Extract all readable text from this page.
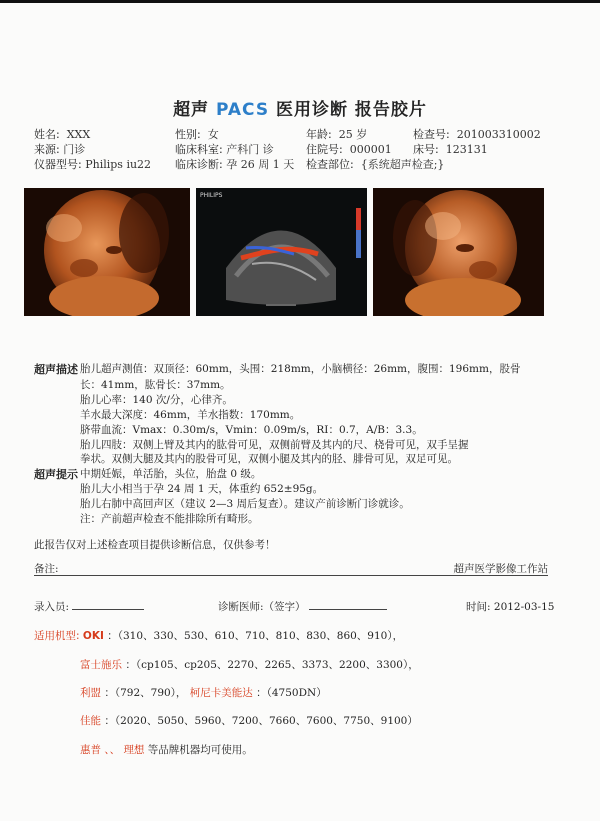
超声 PACS 医用诊断 报告胶片
姓名: XXX	性别: 女	年龄: 25 岁	检查号: 201003310002
来源: 门诊	临床科室: 产科门 诊	住院号: 000001 床号: 123131
仪器型号: Philips iu22 临床诊断: 孕 26 周 1 天 检查部位: {系统超声检查;}
PHILIPS
超声描述 胎儿超声测值：双顶径：60mm，头围：218mm，小脑横径：26mm，腹围：196mm，股骨
长：41mm，肱骨长：37mm。
胎儿心率：140 次/分，心律齐。
羊水最大深度：46mm，羊水指数：170mm。
脐带血流：Vmax：0.30m/s，Vmin：0.09m/s，RI：0.7，A/B：3.3。
胎儿四肢：双侧上臂及其内的肱骨可见，双侧前臂及其内的尺、桡骨可见，双手呈握
拳状。双侧大腿及其内的股骨可见，双侧小腿及其内的胫、腓骨可见，双足可见。
超声提示 中期妊娠，单活胎，头位，胎盘 0 级。
胎儿大小相当于孕 24 周 1 天，体重约 652±95g。
胎儿右肺中高回声区（建议 2—3 周后复查）。建议产前诊断门诊就诊。
注：产前超声检查不能排除所有畸形。
此报告仅对上述检查项目提供诊断信息，仅供参考！
备注:	超声医学影像工作站
录入员:	诊断医师:（签字）	时间: 2012-03-15
适用机型: OKI ：（310、330、530、610、710、810、830、860、910），
富士施乐 ：（cp105、cp205、2270、2265、3373、2200、3300），
利盟 ：（792、790）， 柯尼卡美能达 ：（4750DN）
佳能 ：（2020、5050、5960、7200、7660、7600、7750、9100）
惠普 、、 理想 等品牌机器均可使用。
